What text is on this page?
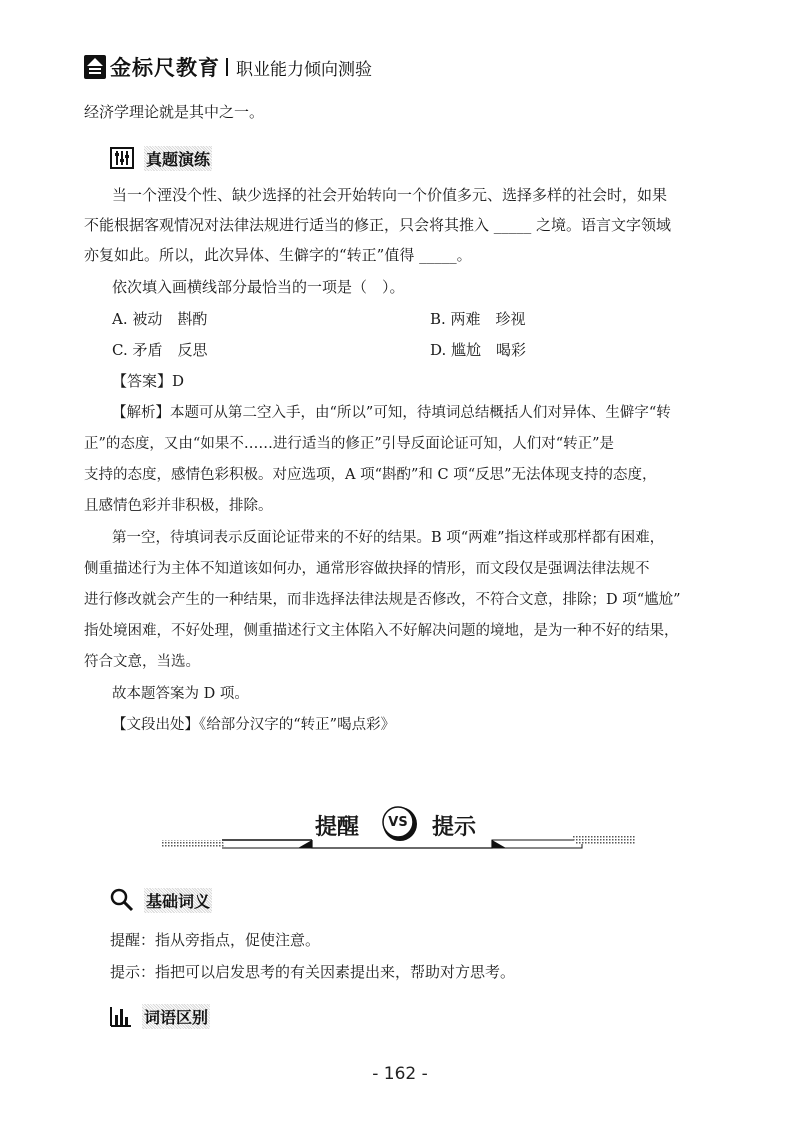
金标尺教育 职业能力倾向测验
经济学理论就是其中之一。
真题演练
当一个湮没个性、缺少选择的社会开始转向一个价值多元、选择多样的社会时，如果
不能根据客观情况对法律法规进行适当的修正，只会将其推入 _____ 之境。语言文字领域
亦复如此。所以，此次异体、生僻字的“转正”值得 _____。
依次填入画横线部分最恰当的一项是（　）。
A. 被动　斟酌	B. 两难　珍视
C. 矛盾　反思	D. 尴尬　喝彩
【答案】D
【解析】本题可从第二空入手，由“所以”可知，待填词总结概括人们对异体、生僻字“转
正”的态度，又由“如果不……进行适当的修正”引导反面论证可知，人们对“转正”是
支持的态度，感情色彩积极。对应选项，A 项“斟酌”和 C 项“反思”无法体现支持的态度，
且感情色彩并非积极，排除。
第一空，待填词表示反面论证带来的不好的结果。B 项“两难”指这样或那样都有困难，
侧重描述行为主体不知道该如何办，通常形容做抉择的情形，而文段仅是强调法律法规不
进行修改就会产生的一种结果，而非选择法律法规是否修改，不符合文意，排除；D 项“尴尬”
指处境困难，不好处理，侧重描述行文主体陷入不好解决问题的境地，是为一种不好的结果，
符合文意，当选。
故本题答案为 D 项。
【文段出处】《给部分汉字的“转正”喝点彩》
提醒 VS 提示
基础词义
提醒：指从旁指点，促使注意。
提示：指把可以启发思考的有关因素提出来，帮助对方思考。
词语区别
- 162 -
